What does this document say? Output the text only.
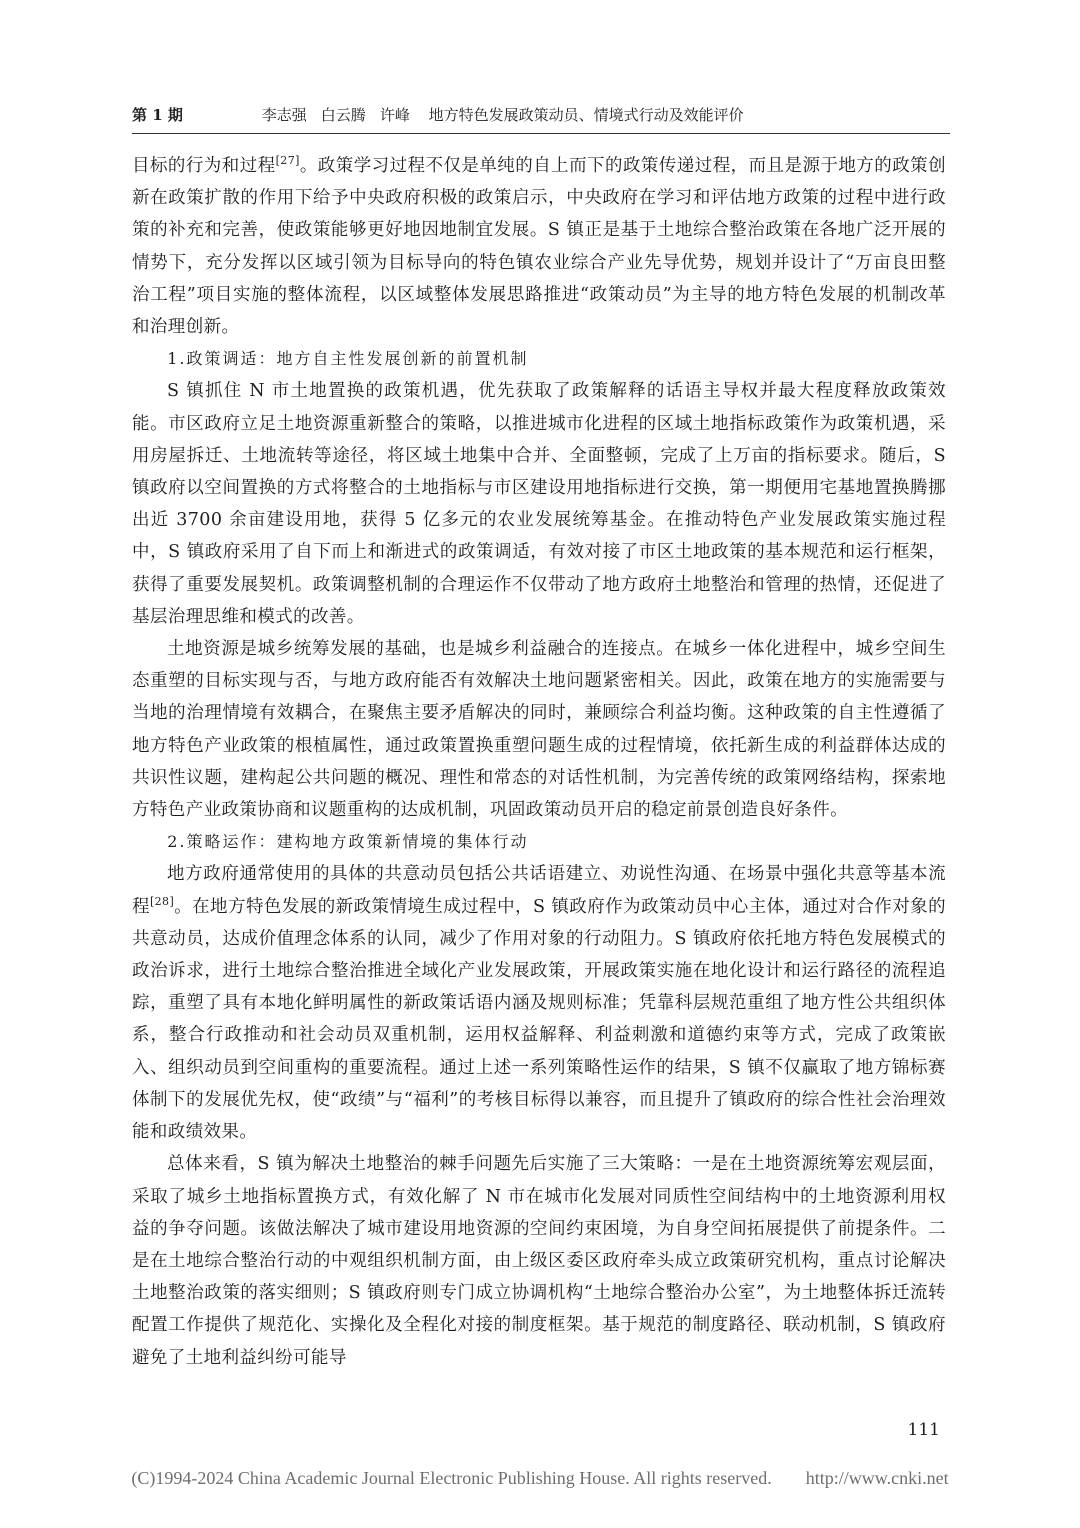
第 1 期	李志强 白云腾 许峰 地方特色发展政策动员、情境式行动及效能评价

目标的行为和过程[27]。政策学习过程不仅是单纯的自上而下的政策传递过程，而且是源于地方的政策创新在政策扩散的作用下给予中央政府积极的政策启示，中央政府在学习和评估地方政策的过程中进行政策的补充和完善，使政策能够更好地因地制宜发展。S 镇正是基于土地综合整治政策在各地广泛开展的情势下，充分发挥以区域引领为目标导向的特色镇农业综合产业先导优势，规划并设计了“万亩良田整治工程”项目实施的整体流程，以区域整体发展思路推进“政策动员”为主导的地方特色发展的机制改革和治理创新。

1.政策调适：地方自主性发展创新的前置机制

S 镇抓住 N 市土地置换的政策机遇，优先获取了政策解释的话语主导权并最大程度释放政策效能。市区政府立足土地资源重新整合的策略，以推进城市化进程的区域土地指标政策作为政策机遇，采用房屋拆迁、土地流转等途径，将区域土地集中合并、全面整顿，完成了上万亩的指标要求。随后，S 镇政府以空间置换的方式将整合的土地指标与市区建设用地指标进行交换，第一期便用宅基地置换腾挪出近 3700 余亩建设用地，获得 5 亿多元的农业发展统筹基金。在推动特色产业发展政策实施过程中，S 镇政府采用了自下而上和渐进式的政策调适，有效对接了市区土地政策的基本规范和运行框架，获得了重要发展契机。政策调整机制的合理运作不仅带动了地方政府土地整治和管理的热情，还促进了基层治理思维和模式的改善。

土地资源是城乡统筹发展的基础，也是城乡利益融合的连接点。在城乡一体化进程中，城乡空间生态重塑的目标实现与否，与地方政府能否有效解决土地问题紧密相关。因此，政策在地方的实施需要与当地的治理情境有效耦合，在聚焦主要矛盾解决的同时，兼顾综合利益均衡。这种政策的自主性遵循了地方特色产业政策的根植属性，通过政策置换重塑问题生成的过程情境，依托新生成的利益群体达成的共识性议题，建构起公共问题的概况、理性和常态的对话性机制，为完善传统的政策网络结构，探索地方特色产业政策协商和议题重构的达成机制，巩固政策动员开启的稳定前景创造良好条件。

2.策略运作：建构地方政策新情境的集体行动

地方政府通常使用的具体的共意动员包括公共话语建立、劝说性沟通、在场景中强化共意等基本流程[28]。在地方特色发展的新政策情境生成过程中，S 镇政府作为政策动员中心主体，通过对合作对象的共意动员，达成价值理念体系的认同，减少了作用对象的行动阻力。S 镇政府依托地方特色发展模式的政治诉求，进行土地综合整治推进全域化产业发展政策，开展政策实施在地化设计和运行路径的流程追踪，重塑了具有本地化鲜明属性的新政策话语内涵及规则标准；凭靠科层规范重组了地方性公共组织体系，整合行政推动和社会动员双重机制，运用权益解释、利益刺激和道德约束等方式，完成了政策嵌入、组织动员到空间重构的重要流程。通过上述一系列策略性运作的结果，S 镇不仅赢取了地方锦标赛体制下的发展优先权，使“政绩”与“福利”的考核目标得以兼容，而且提升了镇政府的综合性社会治理效能和政绩效果。

总体来看，S 镇为解决土地整治的棘手问题先后实施了三大策略：一是在土地资源统筹宏观层面，采取了城乡土地指标置换方式，有效化解了 N 市在城市化发展对同质性空间结构中的土地资源利用权益的争夺问题。该做法解决了城市建设用地资源的空间约束困境，为自身空间拓展提供了前提条件。二是在土地综合整治行动的中观组织机制方面，由上级区委区政府牵头成立政策研究机构，重点讨论解决土地整治政策的落实细则；S 镇政府则专门成立协调机构“土地综合整治办公室”，为土地整体拆迁流转配置工作提供了规范化、实操化及全程化对接的制度框架。基于规范的制度路径、联动机制，S 镇政府避免了土地利益纠纷可能导

111
(C)1994-2024 China Academic Journal Electronic Publishing House. All rights reserved. http://www.cnki.net
